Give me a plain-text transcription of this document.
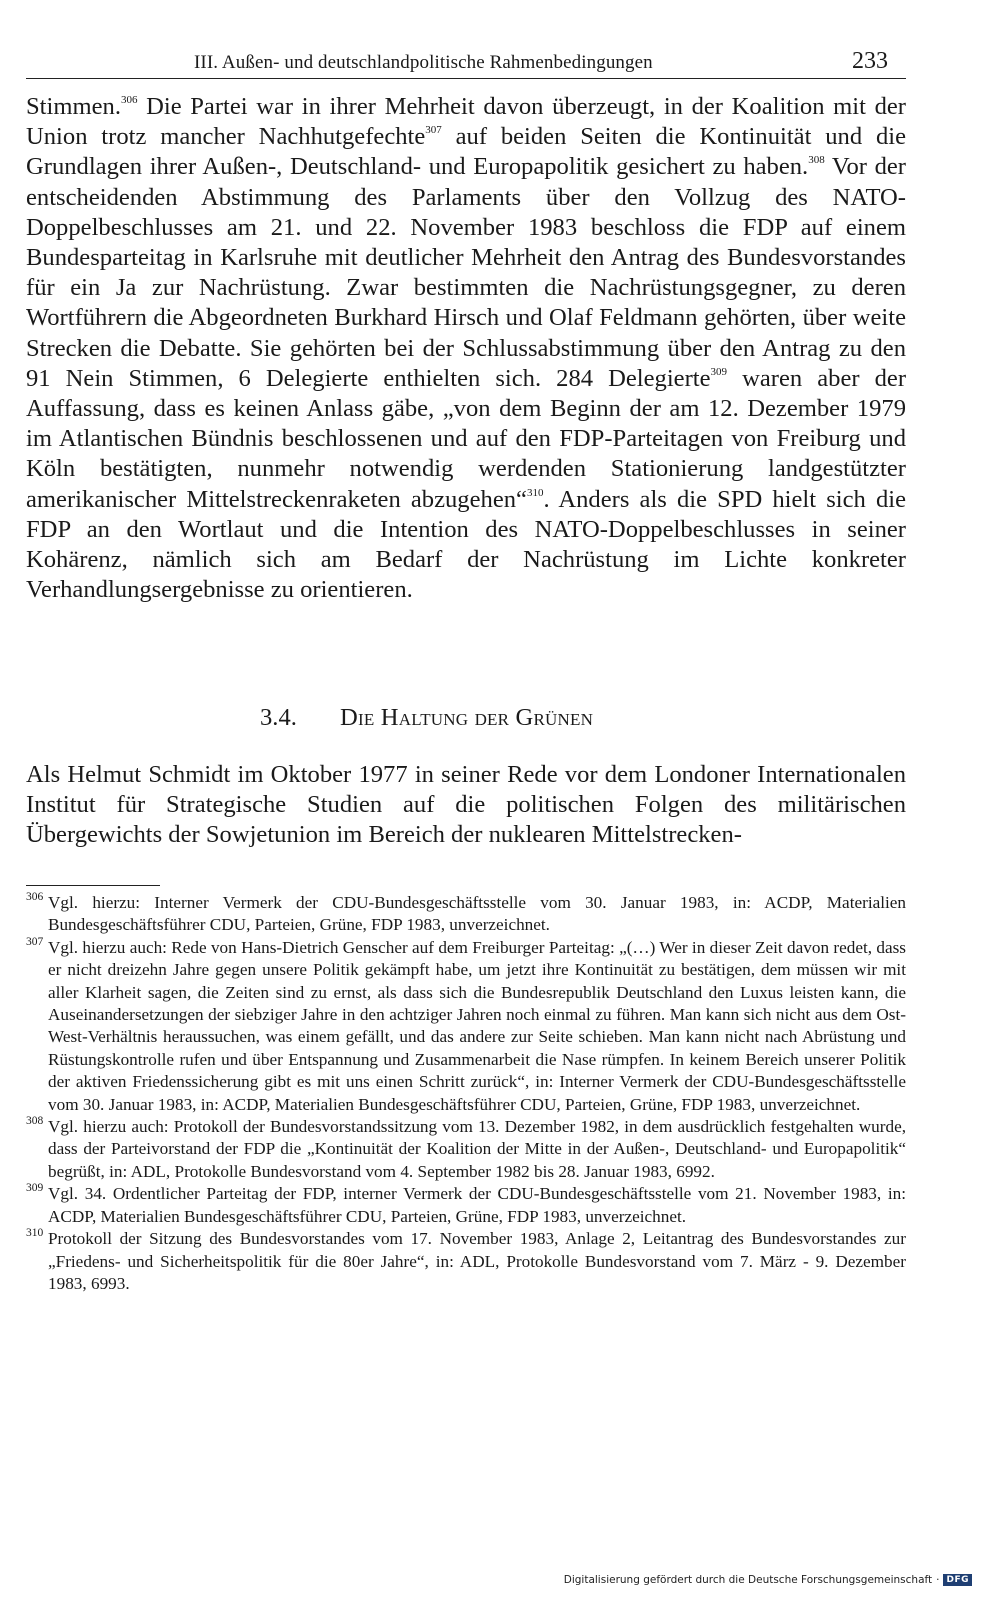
III. Außen- und deutschlandpolitische Rahmenbedingungen	233

Stimmen.$^{306}$ Die Partei war in ihrer Mehrheit davon überzeugt, in der Koalition mit der Union trotz mancher Nachhutgefechte$^{307}$ auf beiden Seiten die Kontinuität und die Grundlagen ihrer Außen-, Deutschland- und Europapolitik gesichert zu haben.$^{308}$ Vor der entscheidenden Abstimmung des Parlaments über den Vollzug des NATO-Doppelbeschlusses am 21. und 22. November 1983 beschloss die FDP auf einem Bundesparteitag in Karlsruhe mit deutlicher Mehrheit den Antrag des Bundesvorstandes für ein Ja zur Nachrüstung. Zwar bestimmten die Nachrüstungsgegner, zu deren Wortführern die Abgeordneten Burkhard Hirsch und Olaf Feldmann gehörten, über weite Strecken die Debatte. Sie gehörten bei der Schlussabstimmung über den Antrag zu den 91 Nein Stimmen, 6 Delegierte enthielten sich. 284 Delegierte$^{309}$ waren aber der Auffassung, dass es keinen Anlass gäbe, „von dem Beginn der am 12. Dezember 1979 im Atlantischen Bündnis beschlossenen und auf den FDP-Parteitagen von Freiburg und Köln bestätigten, nunmehr notwendig werdenden Stationierung landgestützter amerikanischer Mittelstreckenraketen abzugehen“$^{310}$. Anders als die SPD hielt sich die FDP an den Wortlaut und die Intention des NATO-Doppelbeschlusses in seiner Kohärenz, nämlich sich am Bedarf der Nachrüstung im Lichte konkreter Verhandlungsergebnisse zu orientieren.

3.4. Die Haltung der Grünen

Als Helmut Schmidt im Oktober 1977 in seiner Rede vor dem Londoner Internationalen Institut für Strategische Studien auf die politischen Folgen des militärischen Übergewichts der Sowjetunion im Bereich der nuklearen Mittelstrecken-

306 Vgl. hierzu: Interner Vermerk der CDU-Bundesgeschäftsstelle vom 30. Januar 1983, in: ACDP, Materialien Bundesgeschäftsführer CDU, Parteien, Grüne, FDP 1983, unverzeichnet.

307 Vgl. hierzu auch: Rede von Hans-Dietrich Genscher auf dem Freiburger Parteitag: „(…) Wer in dieser Zeit davon redet, dass er nicht dreizehn Jahre gegen unsere Politik gekämpft habe, um jetzt ihre Kontinuität zu bestätigen, dem müssen wir mit aller Klarheit sagen, die Zeiten sind zu ernst, als dass sich die Bundesrepublik Deutschland den Luxus leisten kann, die Auseinandersetzungen der siebziger Jahre in den achtziger Jahren noch einmal zu führen. Man kann sich nicht aus dem Ost-West-Verhältnis heraussuchen, was einem gefällt, und das andere zur Seite schieben. Man kann nicht nach Abrüstung und Rüstungskontrolle rufen und über Entspannung und Zusammenarbeit die Nase rümpfen. In keinem Bereich unserer Politik der aktiven Friedenssicherung gibt es mit uns einen Schritt zurück“, in: Interner Vermerk der CDU-Bundesgeschäftsstelle vom 30. Januar 1983, in: ACDP, Materialien Bundesgeschäftsführer CDU, Parteien, Grüne, FDP 1983, unverzeichnet.

308 Vgl. hierzu auch: Protokoll der Bundesvorstandssitzung vom 13. Dezember 1982, in dem ausdrücklich festgehalten wurde, dass der Parteivorstand der FDP die „Kontinuität der Koalition der Mitte in der Außen-, Deutschland- und Europapolitik“ begrüßt, in: ADL, Protokolle Bundesvorstand vom 4. September 1982 bis 28. Januar 1983, 6992.

309 Vgl. 34. Ordentlicher Parteitag der FDP, interner Vermerk der CDU-Bundesgeschäftsstelle vom 21. November 1983, in: ACDP, Materialien Bundesgeschäftsführer CDU, Parteien, Grüne, FDP 1983, unverzeichnet.

310 Protokoll der Sitzung des Bundesvorstandes vom 17. November 1983, Anlage 2, Leitantrag des Bundesvorstandes zur „Friedens- und Sicherheitspolitik für die 80er Jahre“, in: ADL, Protokolle Bundesvorstand vom 7. März - 9. Dezember 1983, 6993.

Digitalisierung gefördert durch die Deutsche Forschungsgemeinschaft · DFG
